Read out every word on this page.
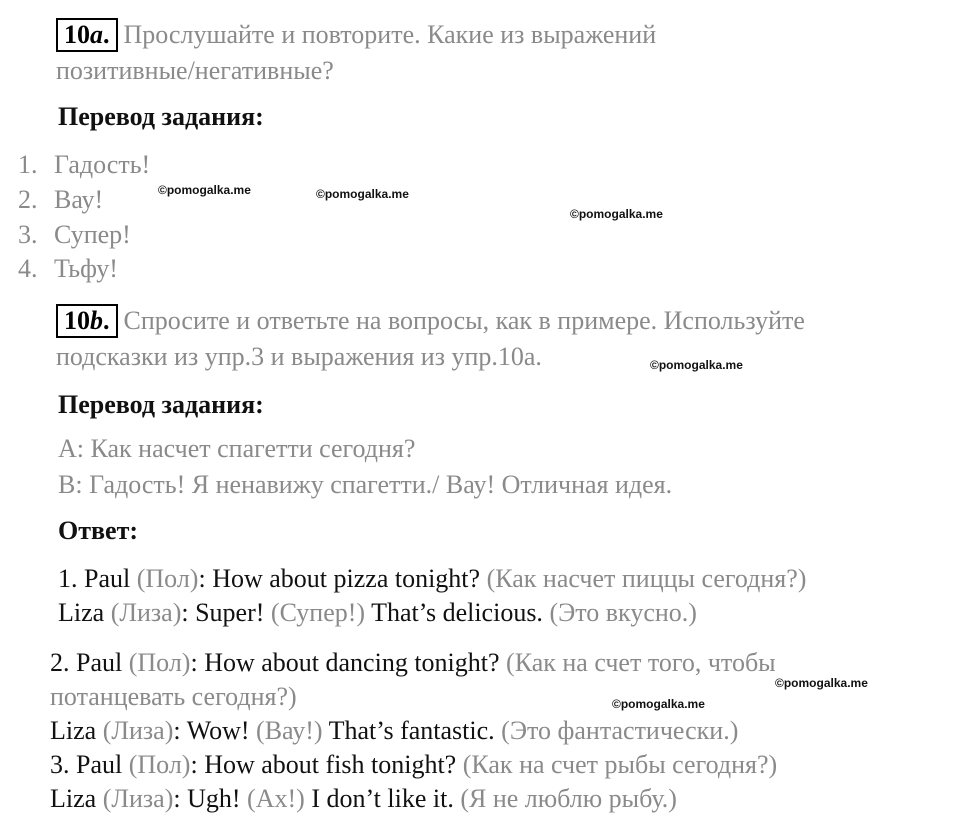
10a. Прослушайте и повторите. Какие из выражений
позитивные/негативные?
Перевод задания:
1. Гадость!
2. Вау!
3. Супер!
4. Тьфу!
10b. Спросите и ответьте на вопросы, как в примере. Используйте
подсказки из упр.3 и выражения из упр.10а.
Перевод задания:
A: Как насчет спагетти сегодня?
B: Гадость! Я ненавижу спагетти./ Вау! Отличная идея.
Ответ:
1. Paul (Пол): How about pizza tonight? (Как насчет пиццы сегодня?)
Liza (Лиза): Super! (Супер!) That’s delicious. (Это вкусно.)
2. Paul (Пол): How about dancing tonight? (Как на счет того, чтобы
потанцевать сегодня?)
Liza (Лиза): Wow! (Вау!) That’s fantastic. (Это фантастически.)
3. Paul (Пол): How about fish tonight? (Как на счет рыбы сегодня?)
Liza (Лиза): Ugh! (Ах!) I don’t like it. (Я не люблю рыбу.)
©pomogalka.me	©pomogalka.me
©pomogalka.me
©pomogalka.me
©pomogalka.me
©pomogalka.me
